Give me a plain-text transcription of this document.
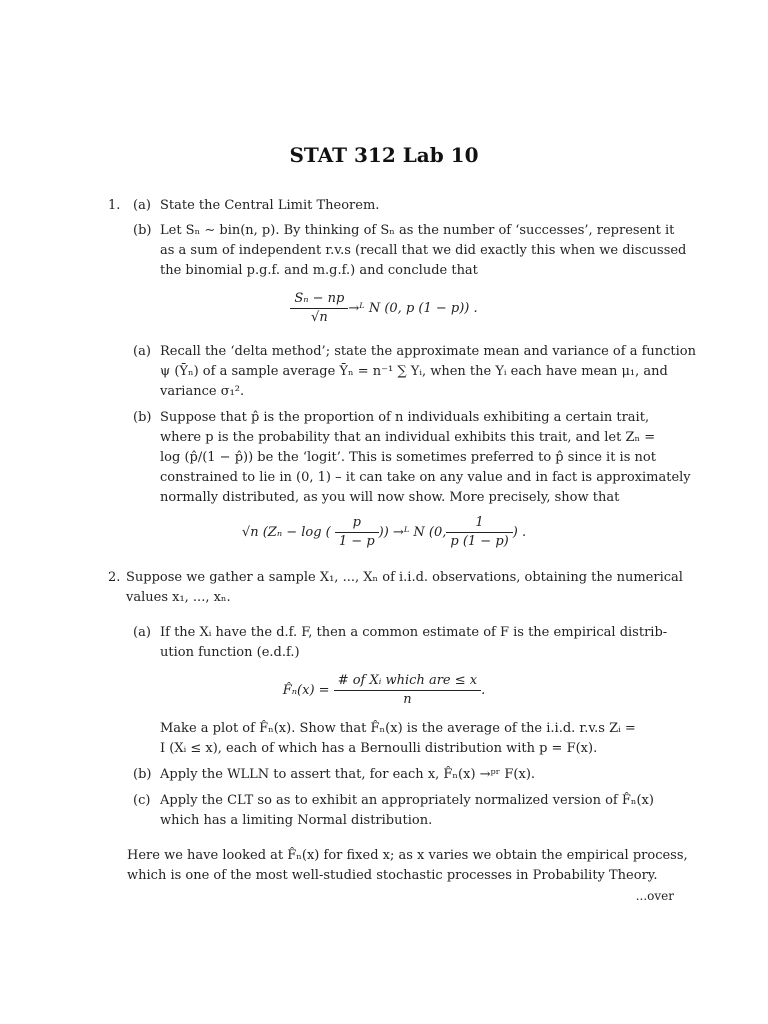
STAT 312 Lab 10
1. (a) State the Central Limit Theorem.
(b) Let Sₙ ∼ bin(n, p). By thinking of Sₙ as the number of ‘successes’, represent it
as a sum of independent r.v.s (recall that we did exactly this when we discussed
the binomial p.g.f. and m.g.f.) and conclude that
$\frac{\text{Sₙ − np}}{√n}$ →ᴸ N (0, p (1 − p)) .
(a) Recall the ‘delta method’; state the approximate mean and variance of a function
ψ (Ȳₙ) of a sample average Ȳₙ = n⁻¹ ∑ Yᵢ, when the Yᵢ each have mean μ₁, and
variance σ₁².
(b) Suppose that p̂ is the proportion of n individuals exhibiting a certain trait,
where p is the probability that an individual exhibits this trait, and let Zₙ =
log (p̂/(1 − p̂)) be the ‘logit’. This is sometimes preferred to p̂ since it is not
constrained to lie in (0, 1) – it can take on any value and in fact is approximately
normally distributed, as you will now show. More precisely, show that
√n (Zₙ − log ( $\frac{p}{1 - p}$ )) →ᴸ N (0, $\frac{1}{p (1 - p)}$ ) .
2. Suppose we gather a sample X₁, ..., Xₙ of i.i.d. observations, obtaining the numerical
values x₁, ..., xₙ.
(a) If the Xᵢ have the d.f. F, then a common estimate of F is the empirical distrib-
ution function (e.d.f.)
F̂ₙ(x) = $\frac{\text{\# of Xᵢ which are ≤ x}}{n}$ .
Make a plot of F̂ₙ(x). Show that F̂ₙ(x) is the average of the i.i.d. r.v.s Zᵢ =
I (Xᵢ ≤ x), each of which has a Bernoulli distribution with p = F(x).
(b) Apply the WLLN to assert that, for each x, F̂ₙ(x) →ᵖʳ F(x).
(c) Apply the CLT so as to exhibit an appropriately normalized version of F̂ₙ(x)
which has a limiting Normal distribution.
Here we have looked at F̂ₙ(x) for fixed x; as x varies we obtain the empirical process,
which is one of the most well-studied stochastic processes in Probability Theory.
...over
